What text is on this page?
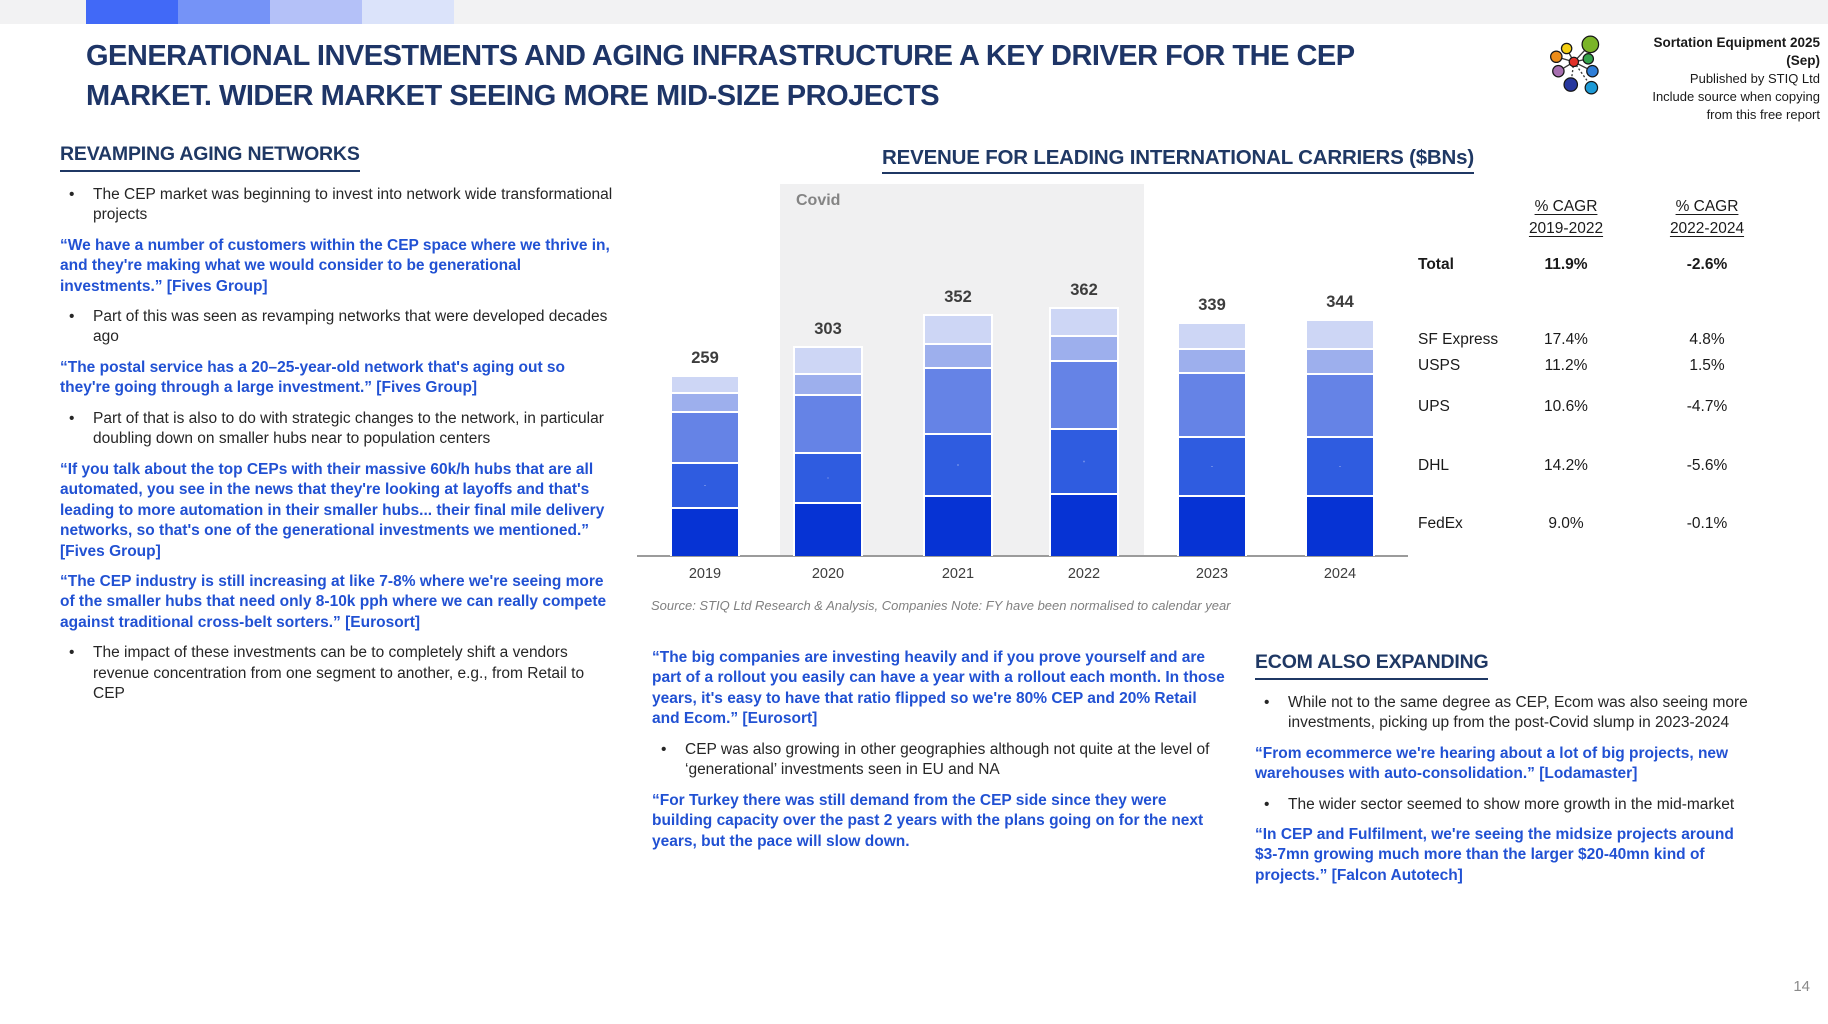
GENERATIONAL INVESTMENTS AND AGING INFRASTRUCTURE A KEY DRIVER FOR THE CEP
MARKET. WIDER MARKET SEEING MORE MID-SIZE PROJECTS
Sortation Equipment 2025 (Sep)
Published by STIQ Ltd
Include source when copying
from this free report
REVAMPING AGING NETWORKS
•	The CEP market was beginning to invest into network wide transformational projects
“We have a number of customers within the CEP space where we thrive in, and they're making what we would consider to be generational investments.” [Fives Group]
•	Part of this was seen as revamping networks that were developed decades ago
“The postal service has a 20–25-year-old network that's aging out so they're going through a large investment.” [Fives Group]
•	Part of that is also to do with strategic changes to the network, in particular doubling down on smaller hubs near to population centers
“If you talk about the top CEPs with their massive 60k/h hubs that are all automated, you see in the news that they're looking at layoffs and that's leading to more automation in their smaller hubs... their final mile delivery networks, so that's one of the generational investments we mentioned.” [Fives Group]
“The CEP industry is still increasing at like 7-8% where we're seeing more of the smaller hubs that need only 8-10k pph where we can really compete against traditional cross-belt sorters.” [Eurosort]
•	The impact of these investments can be to completely shift a vendors revenue concentration from one segment to another, e.g., from Retail to CEP
REVENUE FOR LEADING INTERNATIONAL CARRIERS ($BNs)
Covid
259
2019
303
2020
352
2021
362
2022
339
2023
344
2024
Source: STIQ Ltd Research & Analysis, Companies Note: FY have been normalised to calendar year
% CAGR
2019-2022
% CAGR
2022-2024
Total	11.9%	-2.6%
SF Express	17.4%	4.8%
USPS	11.2%	1.5%
UPS	10.6%	-4.7%
DHL	14.2%	-5.6%
FedEx	9.0%	-0.1%
“The big companies are investing heavily and if you prove yourself and are part of a rollout you easily can have a year with a rollout each month. In those years, it's easy to have that ratio flipped so we're 80% CEP and 20% Retail and Ecom.” [Eurosort]
•	CEP was also growing in other geographies although not quite at the level of ‘generational’ investments seen in EU and NA
“For Turkey there was still demand from the CEP side since they were building capacity over the past 2 years with the plans going on for the next years, but the pace will slow down.
ECOM ALSO EXPANDING
•	While not to the same degree as CEP, Ecom was also seeing more investments, picking up from the post-Covid slump in 2023-2024
“From ecommerce we're hearing about a lot of big projects, new warehouses with auto-consolidation.” [Lodamaster]
•	The wider sector seemed to show more growth in the mid-market
“In CEP and Fulfilment, we're seeing the midsize projects around $3-7mn growing much more than the larger $20-40mn kind of projects.” [Falcon Autotech]
14
